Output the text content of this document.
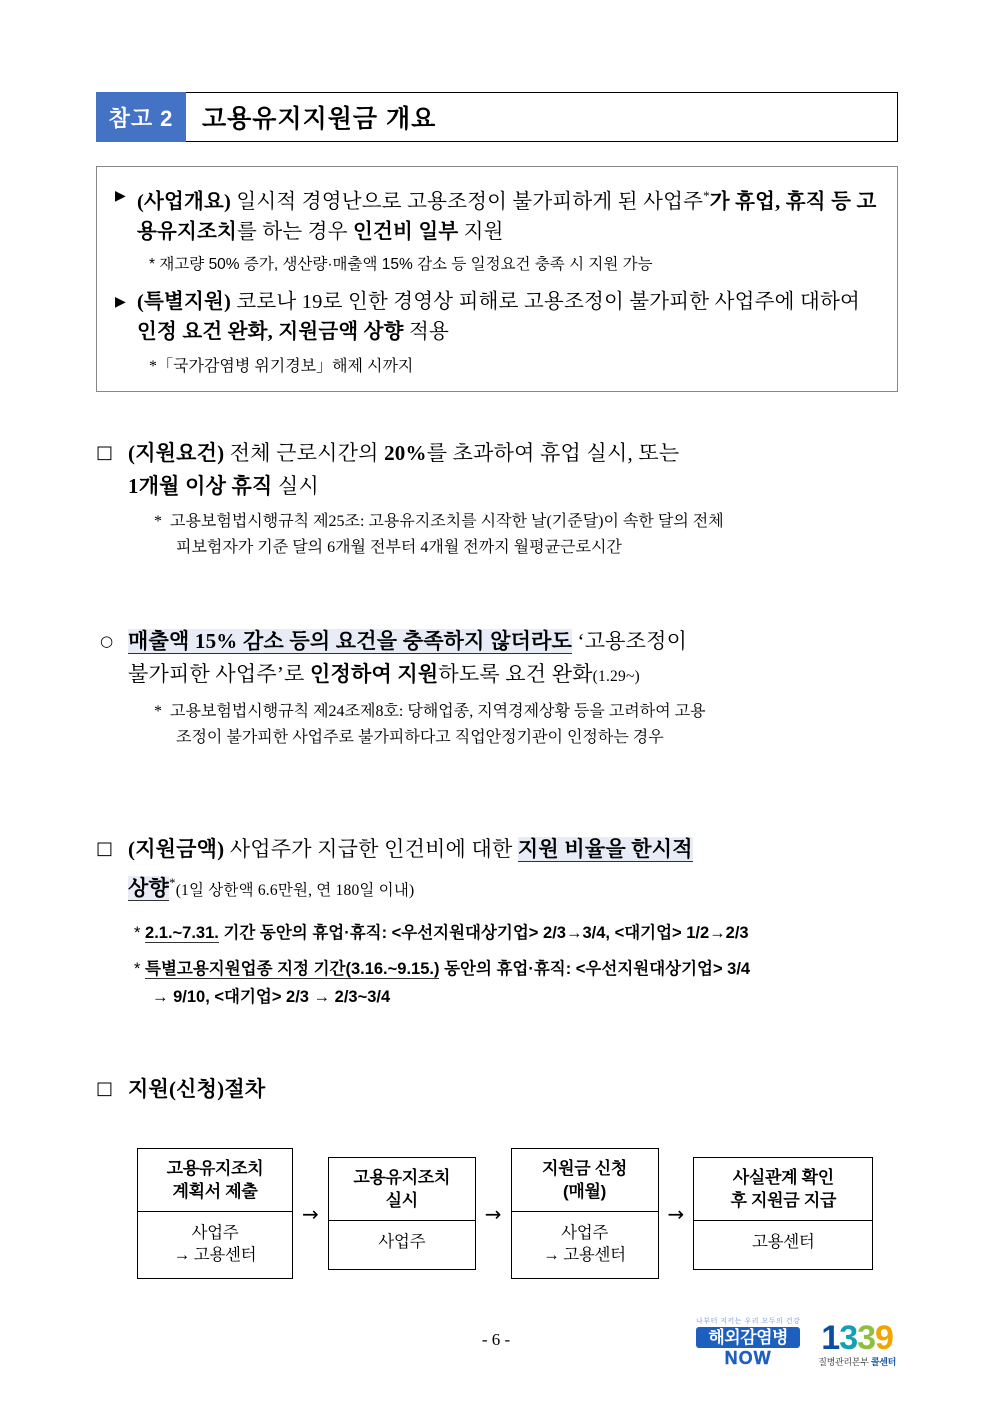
참고 2	고용유지지원금 개요
▶ (사업개요) 일시적 경영난으로 고용조정이 불가피하게 된 사업주*가 휴업, 휴직 등 고용유지조치를 하는 경우 인건비 일부 지원
* 재고량 50% 증가, 생산량·매출액 15% 감소 등 일정요건 충족 시 지원 가능
▶ (특별지원) 코로나 19로 인한 경영상 피해로 고용조정이 불가피한 사업주에 대하여 인정 요건 완화, 지원금액 상향 적용
*「국가감염병 위기경보」해제 시까지
□ (지원요건) 전체 근로시간의 20%를 초과하여 휴업 실시, 또는
1개월 이상 휴직 실시
* 고용보험법시행규칙 제25조: 고용유지조치를 시작한 날(기준달)이 속한 달의 전체
피보험자가 기준 달의 6개월 전부터 4개월 전까지 월평균근로시간
○ 매출액 15% 감소 등의 요건을 충족하지 않더라도 ‘고용조정이
불가피한 사업주’로 인정하여 지원하도록 요건 완화(1.29~)
* 고용보험법시행규칙 제24조제8호: 당해업종, 지역경제상황 등을 고려하여 고용
조정이 불가피한 사업주로 불가피하다고 직업안정기관이 인정하는 경우
□ (지원금액) 사업주가 지급한 인건비에 대한 지원 비율을 한시적
상향*(1일 상한액 6.6만원, 연 180일 이내)
* 2.1.~7.31. 기간 동안의 휴업·휴직: <우선지원대상기업> 2/3→3/4, <대기업> 1/2→2/3
* 특별고용지원업종 지정 기간(3.16.~9.15.) 동안의 휴업·휴직: <우선지원대상기업> 3/4
→ 9/10, <대기업> 2/3 → 2/3~3/4
□ 지원(신청)절차
고용유지조치
계획서 제출
사업주
→ 고용센터
→
고용유지조치
실시
사업주
→
지원금 신청
(매월)
사업주
→ 고용센터
→
사실관계 확인
후 지원금 지급
고용센터
- 6 -
나부터 지키는 우리 모두의 건강
해외감염병
NOW
1339
질병관리본부 콜센터
